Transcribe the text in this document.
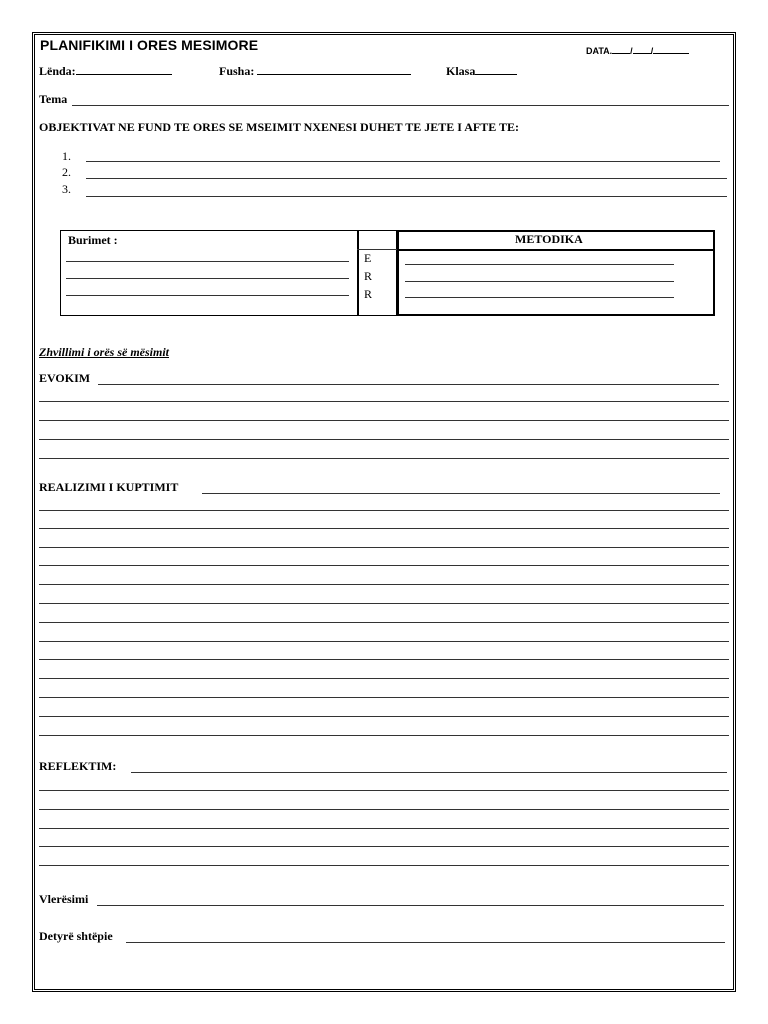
PLANIFIKIMI I ORES MESIMORE	DATA. / /
Lënda:	Fusha:	Klasa
Tema
OBJEKTIVAT NE FUND TE ORES SE MSEIMIT NXENESI DUHET TE JETE I AFTE TE:
1.
2.
3.
Burimet :
E
R
R
METODIKA
Zhvillimi i orës së mësimit
EVOKIM
REALIZIMI I KUPTIMIT
REFLEKTIM:
Vlerësimi
Detyrë shtëpie
